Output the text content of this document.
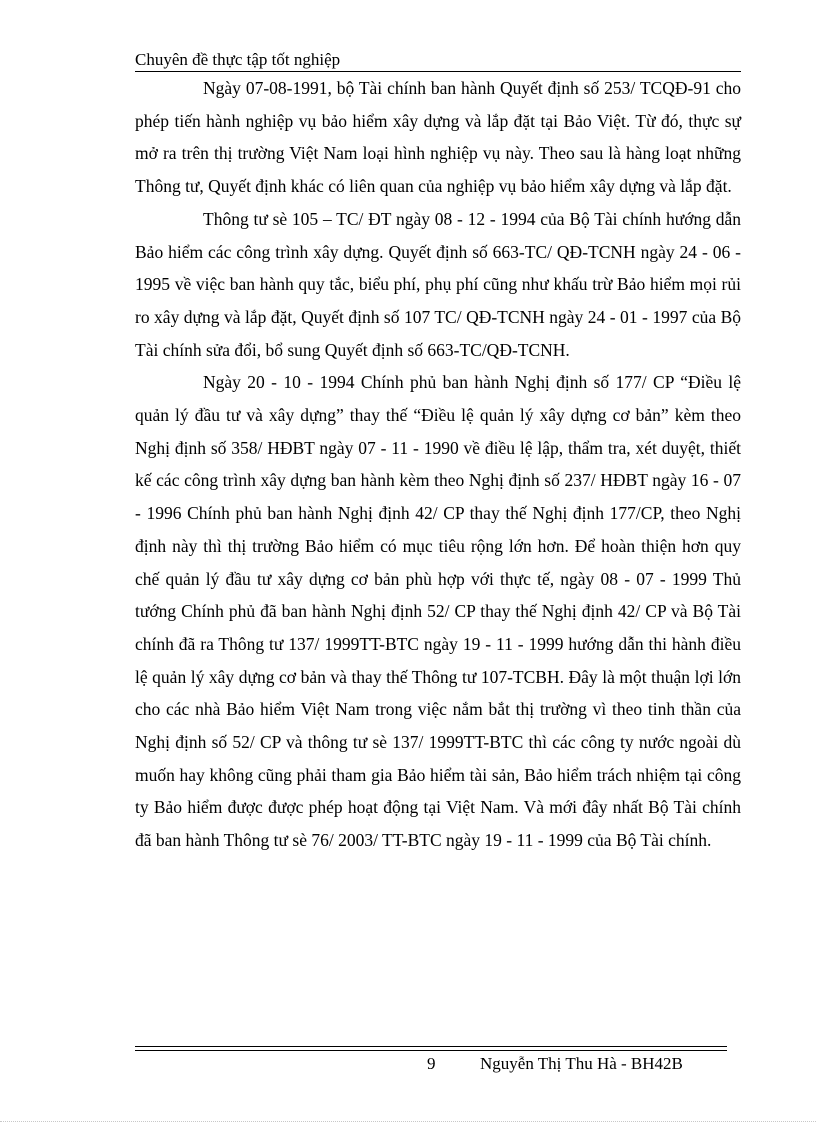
Chuyên đề thực tập tốt nghiệp

Ngày 07-08-1991, bộ Tài chính ban hành Quyết định số 253/ TCQĐ-91 cho phép tiến hành nghiệp vụ bảo hiểm xây dựng và lắp đặt tại Bảo Việt. Từ đó, thực sự mở ra trên thị trường Việt Nam loại hình nghiệp vụ này. Theo sau là hàng loạt những Thông tư, Quyết định khác có liên quan của nghiệp vụ bảo hiểm xây dựng và lắp đặt.

Thông tư sè 105 – TC/ ĐT ngày 08 - 12 - 1994 của Bộ Tài chính hướng dẫn Bảo hiểm các công trình xây dựng. Quyết định số 663-TC/ QĐ-TCNH ngày 24 - 06 - 1995 về việc ban hành quy tắc, biểu phí, phụ phí cũng như khấu trừ Bảo hiểm mọi rủi ro xây dựng và lắp đặt, Quyết định số 107 TC/ QĐ-TCNH ngày 24 - 01 - 1997 của Bộ Tài chính sửa đổi, bổ sung Quyết định số 663-TC/QĐ-TCNH.

Ngày 20 - 10 - 1994 Chính phủ ban hành Nghị định số 177/ CP “Điều lệ quản lý đầu tư và xây dựng” thay thế “Điều lệ quản lý xây dựng cơ bản” kèm theo Nghị định số 358/ HĐBT ngày 07 - 11 - 1990 về điều lệ lập, thẩm tra, xét duyệt, thiết kế các công trình xây dựng ban hành kèm theo Nghị định số 237/ HĐBT ngày 16 - 07 - 1996 Chính phủ ban hành Nghị định 42/ CP thay thế Nghị định 177/CP, theo Nghị định này thì thị trường Bảo hiểm có mục tiêu rộng lớn hơn. Để hoàn thiện hơn quy chế quản lý đầu tư xây dựng cơ bản phù hợp với thực tế, ngày 08 - 07 - 1999 Thủ tướng Chính phủ đã ban hành Nghị định 52/ CP thay thế Nghị định 42/ CP và Bộ Tài chính đã ra Thông tư 137/ 1999TT-BTC ngày 19 - 11 - 1999 hướng dẫn thi hành điều lệ quản lý xây dựng cơ bản và thay thế Thông tư 107-TCBH. Đây là một thuận lợi lớn cho các nhà Bảo hiểm Việt Nam trong việc nắm bắt thị trường vì theo tinh thần của Nghị định số 52/ CP và thông tư sè 137/ 1999TT-BTC thì các công ty nước ngoài dù muốn hay không cũng phải tham gia Bảo hiểm tài sản, Bảo hiểm trách nhiệm tại công ty Bảo hiểm được được phép hoạt động tại Việt Nam. Và mới đây nhất Bộ Tài chính đã ban hành Thông tư sè 76/ 2003/ TT-BTC ngày 19 - 11 - 1999 của Bộ Tài chính.

9	Nguyễn Thị Thu Hà - BH42B
